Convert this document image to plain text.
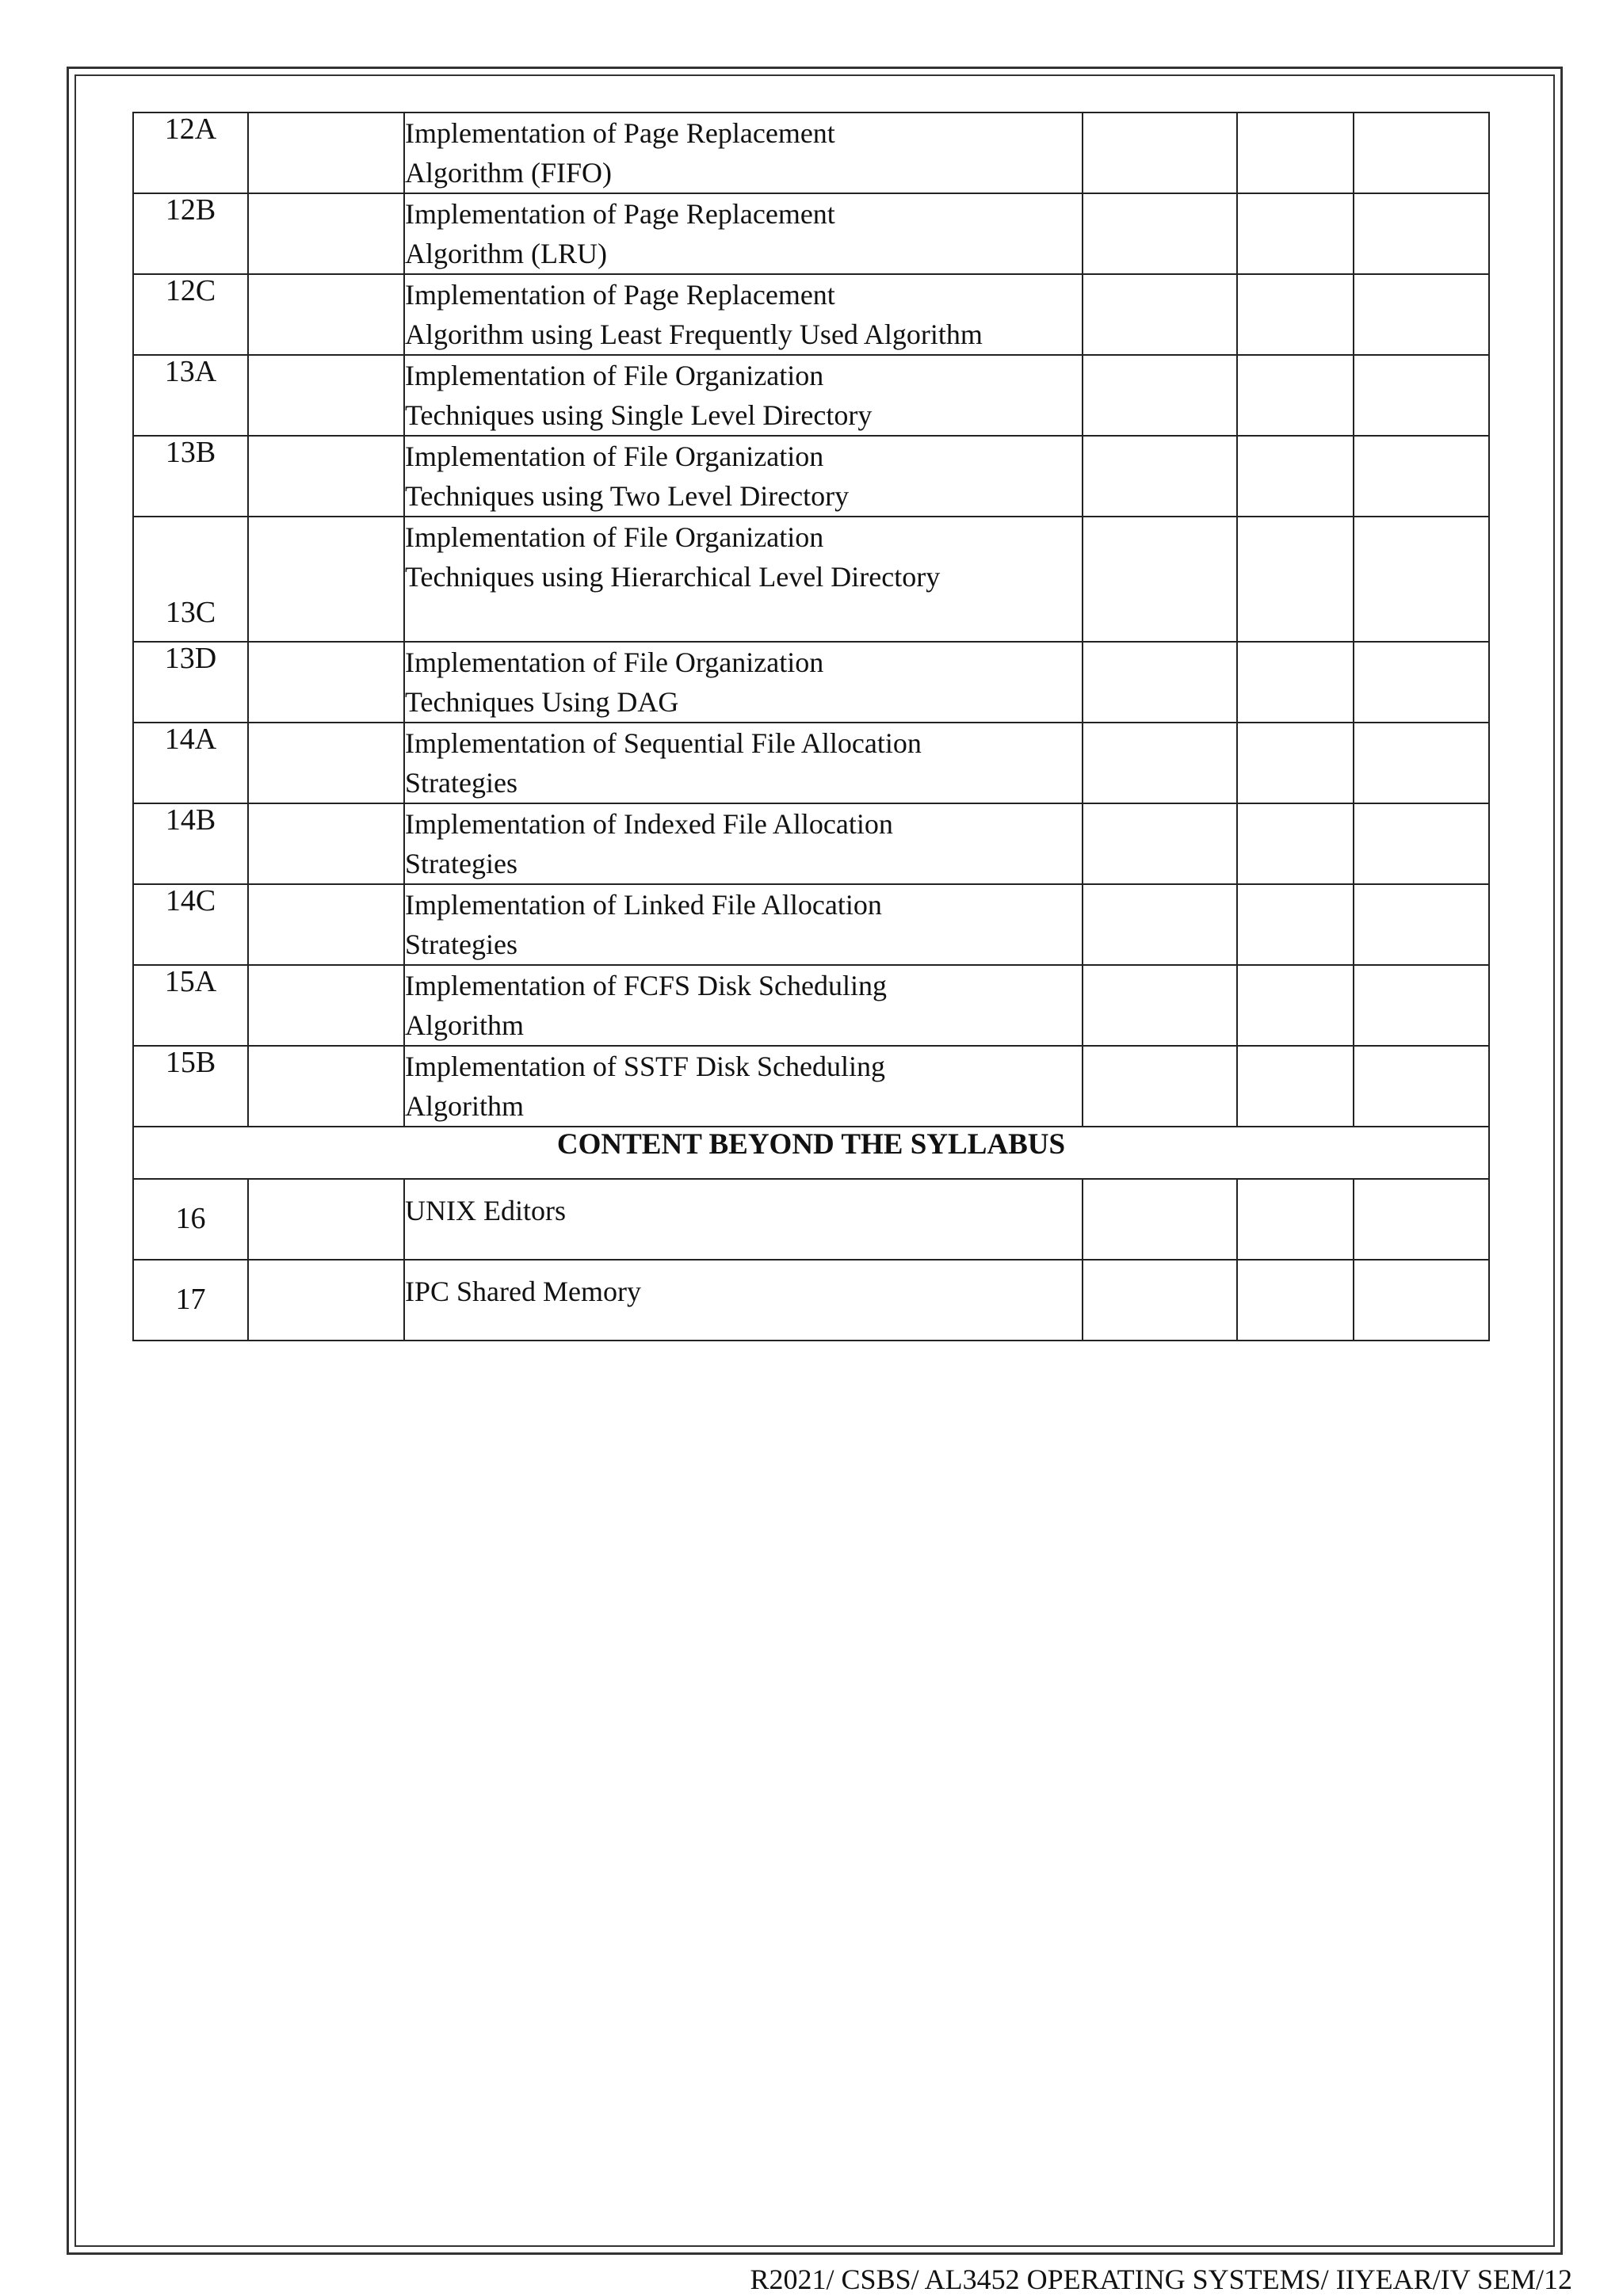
12A		Implementation of Page Replacement
Algorithm (FIFO)			

12B		Implementation of Page Replacement
Algorithm (LRU)			

12C		Implementation of Page Replacement
Algorithm using Least Frequently Used Algorithm			

13A		Implementation of File Organization
Techniques using Single Level Directory			

13B		Implementation of File Organization
Techniques using Two Level Directory			

13C		Implementation of File Organization
Techniques using Hierarchical Level Directory			

13D		Implementation of File Organization
Techniques Using DAG			

14A		Implementation of Sequential File Allocation
Strategies			

14B		Implementation of Indexed File Allocation
Strategies			

14C		Implementation of Linked File Allocation
Strategies			

15A		Implementation of FCFS Disk Scheduling
Algorithm			

15B		Implementation of SSTF Disk Scheduling
Algorithm			

CONTENT BEYOND THE SYLLABUS					
16		UNIX Editors			
17		IPC Shared Memory			
R2021/ CSBS/ AL3452 OPERATING SYSTEMS/ IIYEAR/IV SEM/12
